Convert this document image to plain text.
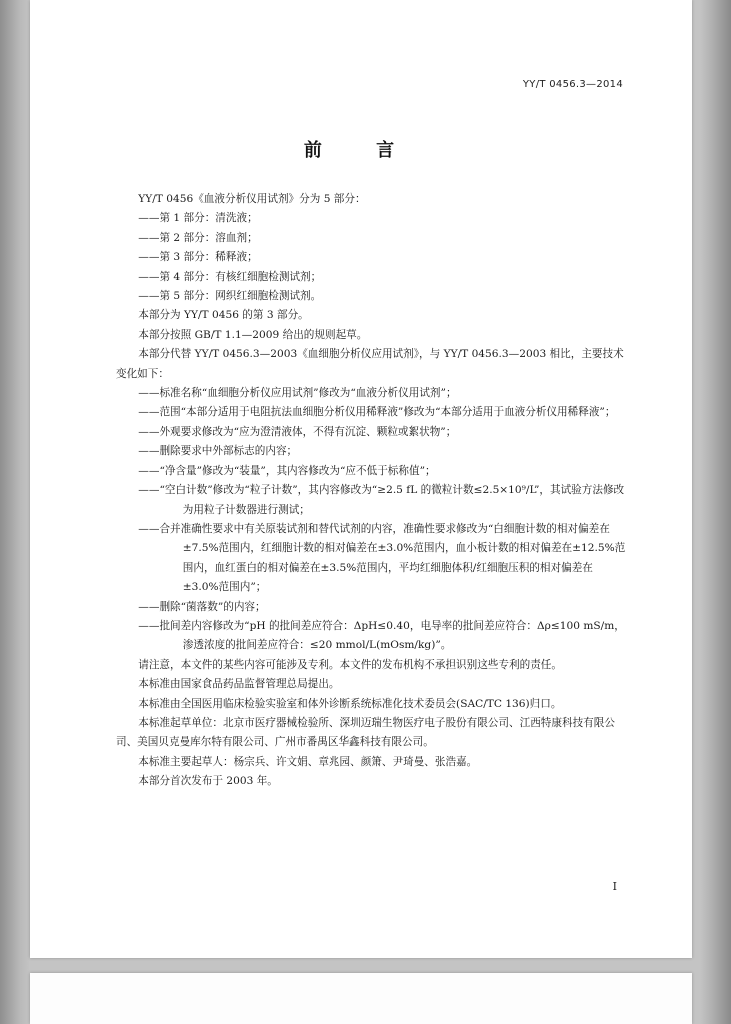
YY/T 0456.3—2014
前 言

YY/T 0456《血液分析仪用试剂》分为 5 部分：

——第 1 部分：清洗液；

——第 2 部分：溶血剂；

——第 3 部分：稀释液；

——第 4 部分：有核红细胞检测试剂；

——第 5 部分：网织红细胞检测试剂。

本部分为 YY/T 0456 的第 3 部分。

本部分按照 GB/T 1.1—2009 给出的规则起草。

本部分代替 YY/T 0456.3—2003《血细胞分析仪应用试剂》，与 YY/T 0456.3—2003 相比，主要技术变化如下：

——标准名称“血细胞分析仪应用试剂”修改为“血液分析仪用试剂”；

——范围“本部分适用于电阻抗法血细胞分析仪用稀释液”修改为“本部分适用于血液分析仪用稀释液”；

——外观要求修改为“应为澄清液体，不得有沉淀、颗粒或絮状物”；

——删除要求中外部标志的内容；

——“净含量”修改为“装量”，其内容修改为“应不低于标称值”；

——“空白计数”修改为“粒子计数”，其内容修改为“≥2.5 fL 的微粒计数≤2.5×10⁹/L”，其试验方法修改为用粒子计数器进行测试；

——合并准确性要求中有关原装试剂和替代试剂的内容，准确性要求修改为“白细胞计数的相对偏差在±7.5%范围内，红细胞计数的相对偏差在±3.0%范围内，血小板计数的相对偏差在±12.5%范围内，血红蛋白的相对偏差在±3.5%范围内，平均红细胞体积/红细胞压积的相对偏差在±3.0%范围内”；

——删除“菌落数”的内容；

——批间差内容修改为“pH 的批间差应符合：ΔpH≤0.40，电导率的批间差应符合：Δρ≤100 mS/m，渗透浓度的批间差应符合：≤20 mmol/L(mOsm/kg)”。

请注意，本文件的某些内容可能涉及专利。本文件的发布机构不承担识别这些专利的责任。

本标准由国家食品药品监督管理总局提出。

本标准由全国医用临床检验实验室和体外诊断系统标准化技术委员会(SAC/TC 136)归口。

本标准起草单位：北京市医疗器械检验所、深圳迈瑞生物医疗电子股份有限公司、江西特康科技有限公司、美国贝克曼库尔特有限公司、广州市番禺区华鑫科技有限公司。

本标准主要起草人：杨宗兵、许文娟、章兆园、颜箫、尹琦曼、张浩嘉。

本部分首次发布于 2003 年。

I
